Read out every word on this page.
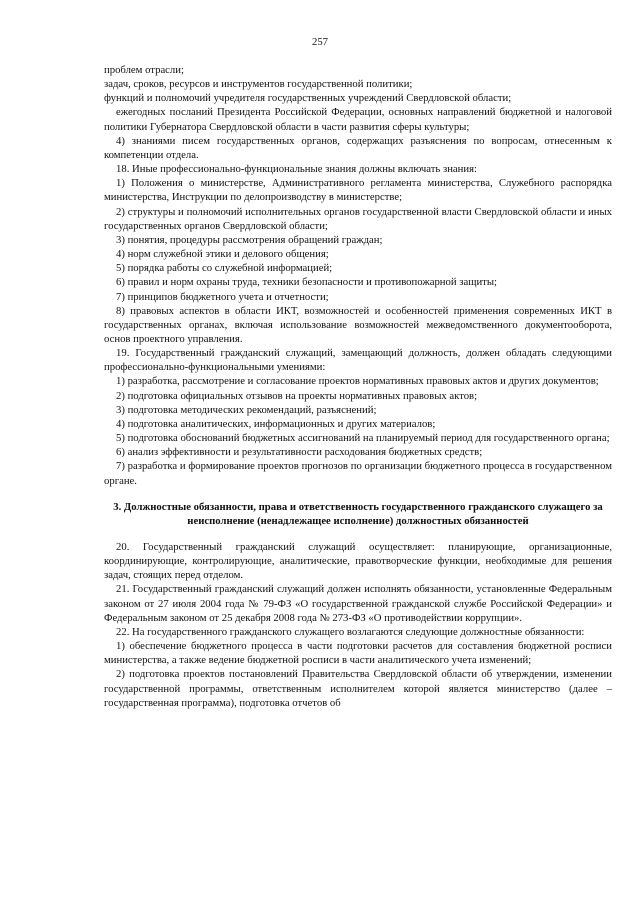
257

проблем отрасли;

задач, сроков, ресурсов и инструментов государственной политики;

функций и полномочий учредителя государственных учреждений Свердловской области;

ежегодных посланий Президента Российской Федерации, основных направлений бюджетной и налоговой политики Губернатора Свердловской области в части развития сферы культуры;

4) знаниями писем государственных органов, содержащих разъяснения по вопросам, отнесенным к компетенции отдела.

18. Иные профессионально-функциональные знания должны включать знания:

1) Положения о министерстве, Административного регламента министерства, Служебного распорядка министерства, Инструкции по делопроизводству в министерстве;

2) структуры и полномочий исполнительных органов государственной власти Свердловской области и иных государственных органов Свердловской области;

3) понятия, процедуры рассмотрения обращений граждан;

4) норм служебной этики и делового общения;

5) порядка работы со служебной информацией;

6) правил и норм охраны труда, техники безопасности и противопожарной защиты;

7) принципов бюджетного учета и отчетности;

8) правовых аспектов в области ИКТ, возможностей и особенностей применения современных ИКТ в государственных органах, включая использование возможностей межведомственного документооборота, основ проектного управления.

19. Государственный гражданский служащий, замещающий должность, должен обладать следующими профессионально-функциональными умениями:

1) разработка, рассмотрение и согласование проектов нормативных правовых актов и других документов;

2) подготовка официальных отзывов на проекты нормативных правовых актов;

3) подготовка методических рекомендаций, разъяснений;

4) подготовка аналитических, информационных и других материалов;

5) подготовка обоснований бюджетных ассигнований на планируемый период для государственного органа;

6) анализ эффективности и результативности расходования бюджетных средств;

7) разработка и формирование проектов прогнозов по организации бюджетного процесса в государственном органе.

3. Должностные обязанности, права и ответственность государственного гражданского служащего за неисполнение (ненадлежащее исполнение) должностных обязанностей

20. Государственный гражданский служащий осуществляет: планирующие, организационные, координирующие, контролирующие, аналитические, правотворческие функции, необходимые для решения задач, стоящих перед отделом.

21. Государственный гражданский служащий должен исполнять обязанности, установленные Федеральным законом от 27 июля 2004 года № 79-ФЗ «О государственной гражданской службе Российской Федерации» и Федеральным законом от 25 декабря 2008 года № 273-ФЗ «О противодействии коррупции».

22. На государственного гражданского служащего возлагаются следующие должностные обязанности:

1) обеспечение бюджетного процесса в части подготовки расчетов для составления бюджетной росписи министерства, а также ведение бюджетной росписи в части аналитического учета изменений;

2) подготовка проектов постановлений Правительства Свердловской области об утверждении, изменении государственной программы, ответственным исполнителем которой является министерство (далее – государственная программа), подготовка отчетов об
